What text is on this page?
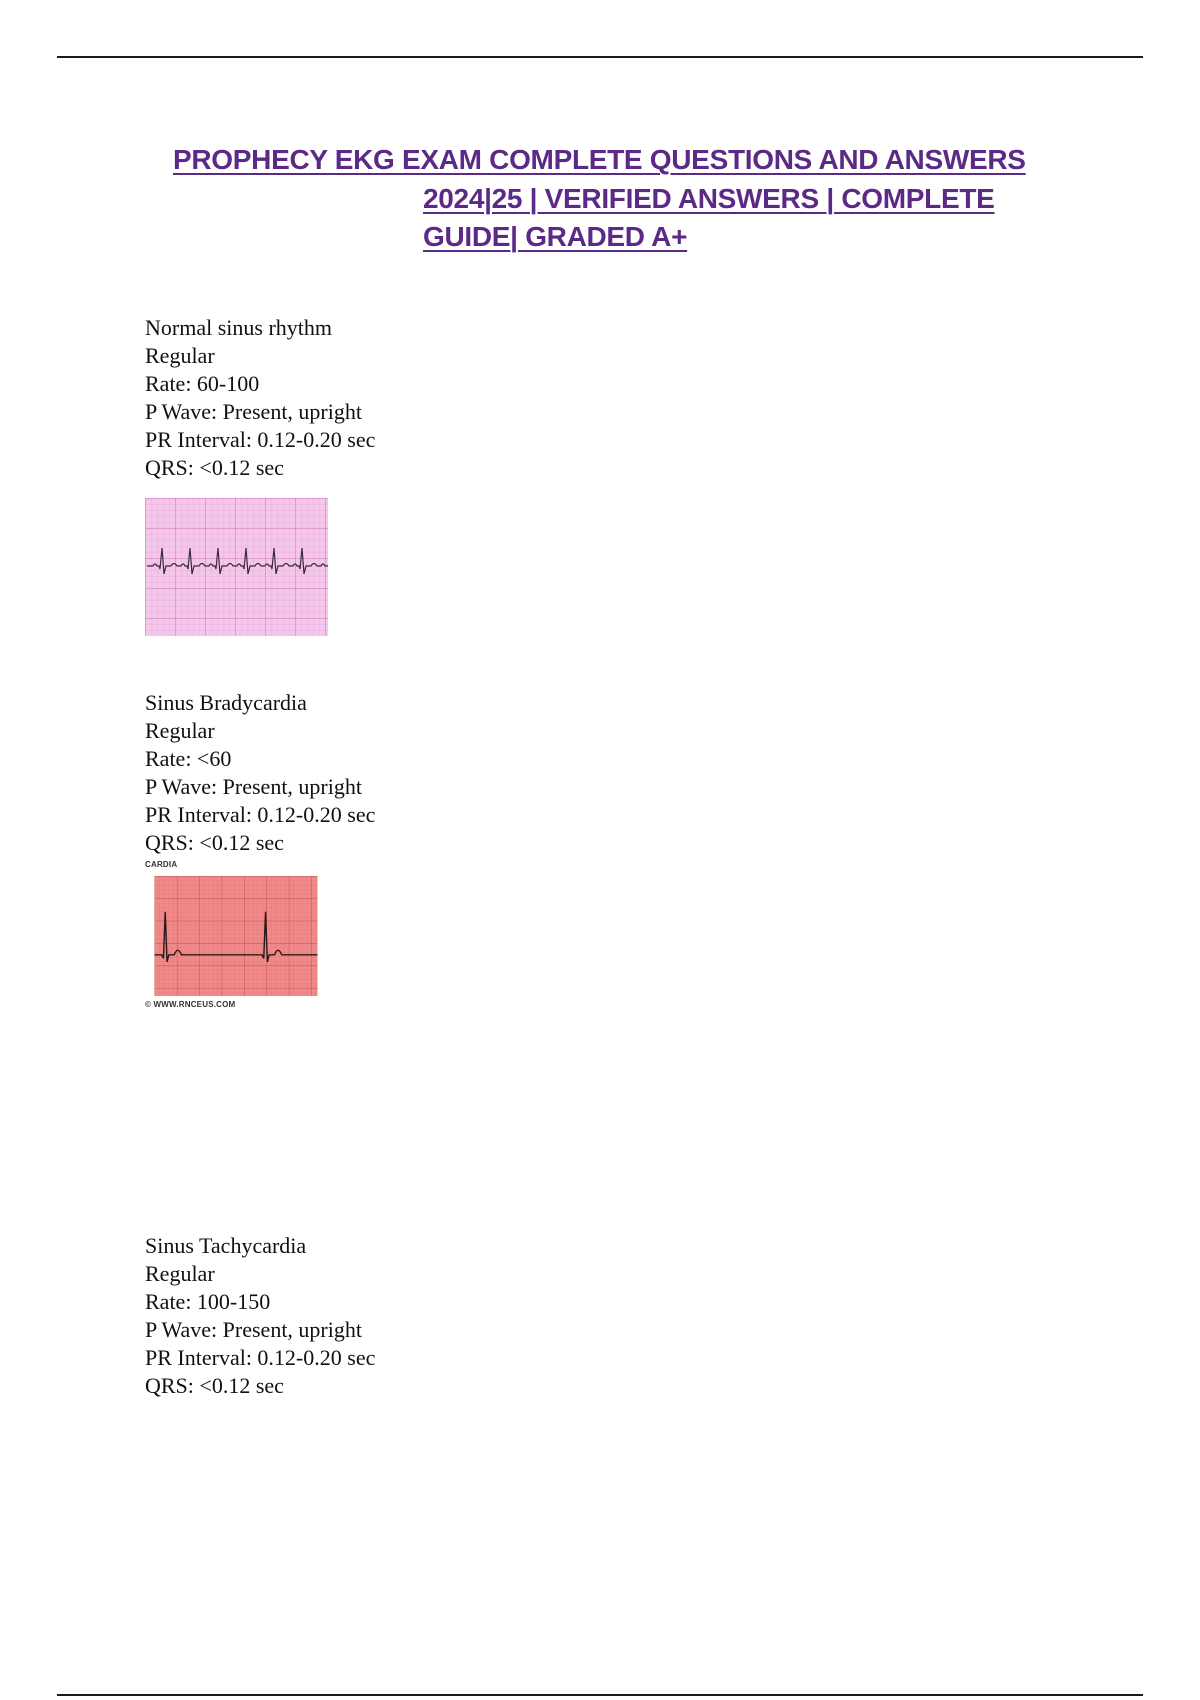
PROPHECY EKG EXAM COMPLETE QUESTIONS AND ANSWERS
2024|25 | VERIFIED ANSWERS | COMPLETE
GUIDE| GRADED A+
Normal sinus rhythm
Regular
Rate: 60-100
P Wave: Present, upright
PR Interval: 0.12-0.20 sec
QRS: <0.12 sec
Sinus Bradycardia
Regular
Rate: <60
P Wave: Present, upright
PR Interval: 0.12-0.20 sec
QRS: <0.12 sec
CARDIA
© WWW.RNCEUS.COM
Sinus Tachycardia
Regular
Rate: 100-150
P Wave: Present, upright
PR Interval: 0.12-0.20 sec
QRS: <0.12 sec
